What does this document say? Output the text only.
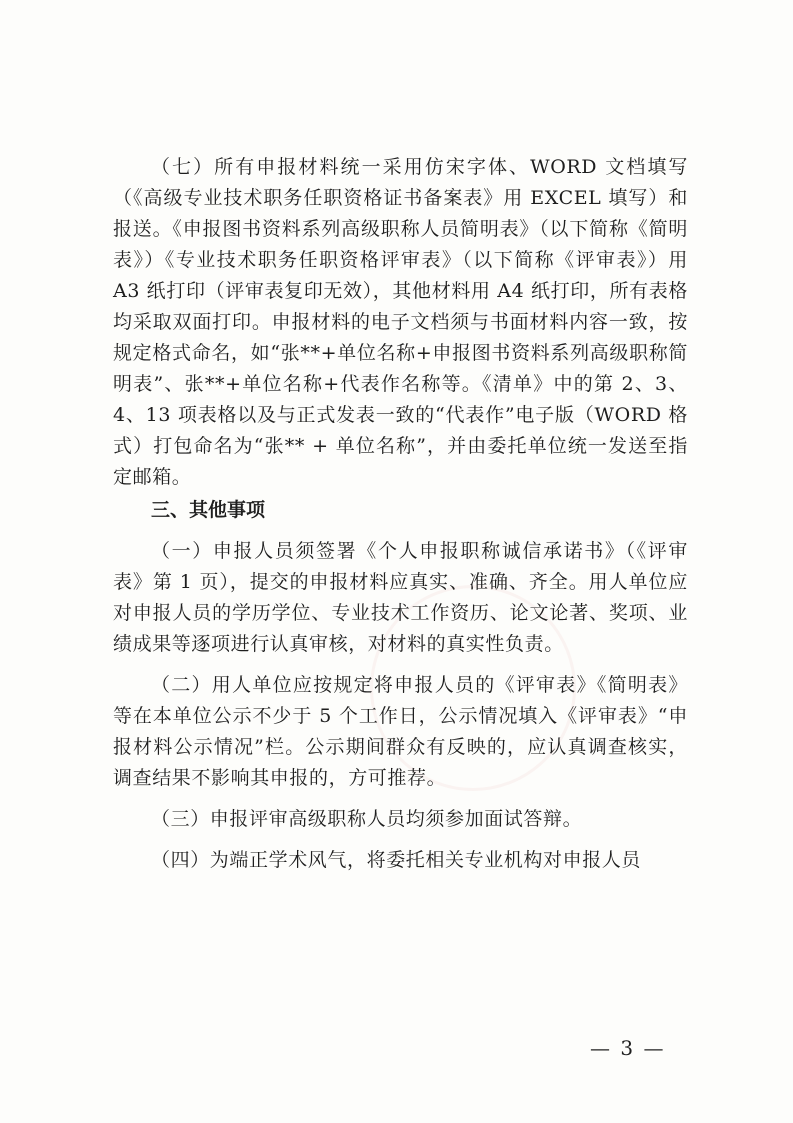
（七）所有申报材料统一采用仿宋字体、WORD 文档填写（《高级专业技术职务任职资格证书备案表》用 EXCEL 填写）和报送。《申报图书资料系列高级职称人员简明表》（以下简称《简明表》）《专业技术职务任职资格评审表》（以下简称《评审表》）用 A3 纸打印（评审表复印无效），其他材料用 A4 纸打印，所有表格均采取双面打印。申报材料的电子文档须与书面材料内容一致，按规定格式命名，如“张**+单位名称+申报图书资料系列高级职称简明表”、张**+单位名称+代表作名称等。《清单》中的第 2、3、4、13 项表格以及与正式发表一致的“代表作”电子版（WORD 格式）打包命名为“张** + 单位名称”，并由委托单位统一发送至指定邮箱。

三、其他事项

（一）申报人员须签署《个人申报职称诚信承诺书》（《评审表》第 1 页），提交的申报材料应真实、准确、齐全。用人单位应对申报人员的学历学位、专业技术工作资历、论文论著、奖项、业绩成果等逐项进行认真审核，对材料的真实性负责。

（二）用人单位应按规定将申报人员的《评审表》《简明表》等在本单位公示不少于 5 个工作日，公示情况填入《评审表》“申报材料公示情况”栏。公示期间群众有反映的，应认真调查核实，调查结果不影响其申报的，方可推荐。

（三）申报评审高级职称人员均须参加面试答辩。

（四）为端正学术风气，将委托相关专业机构对申报人员

— 3 —
